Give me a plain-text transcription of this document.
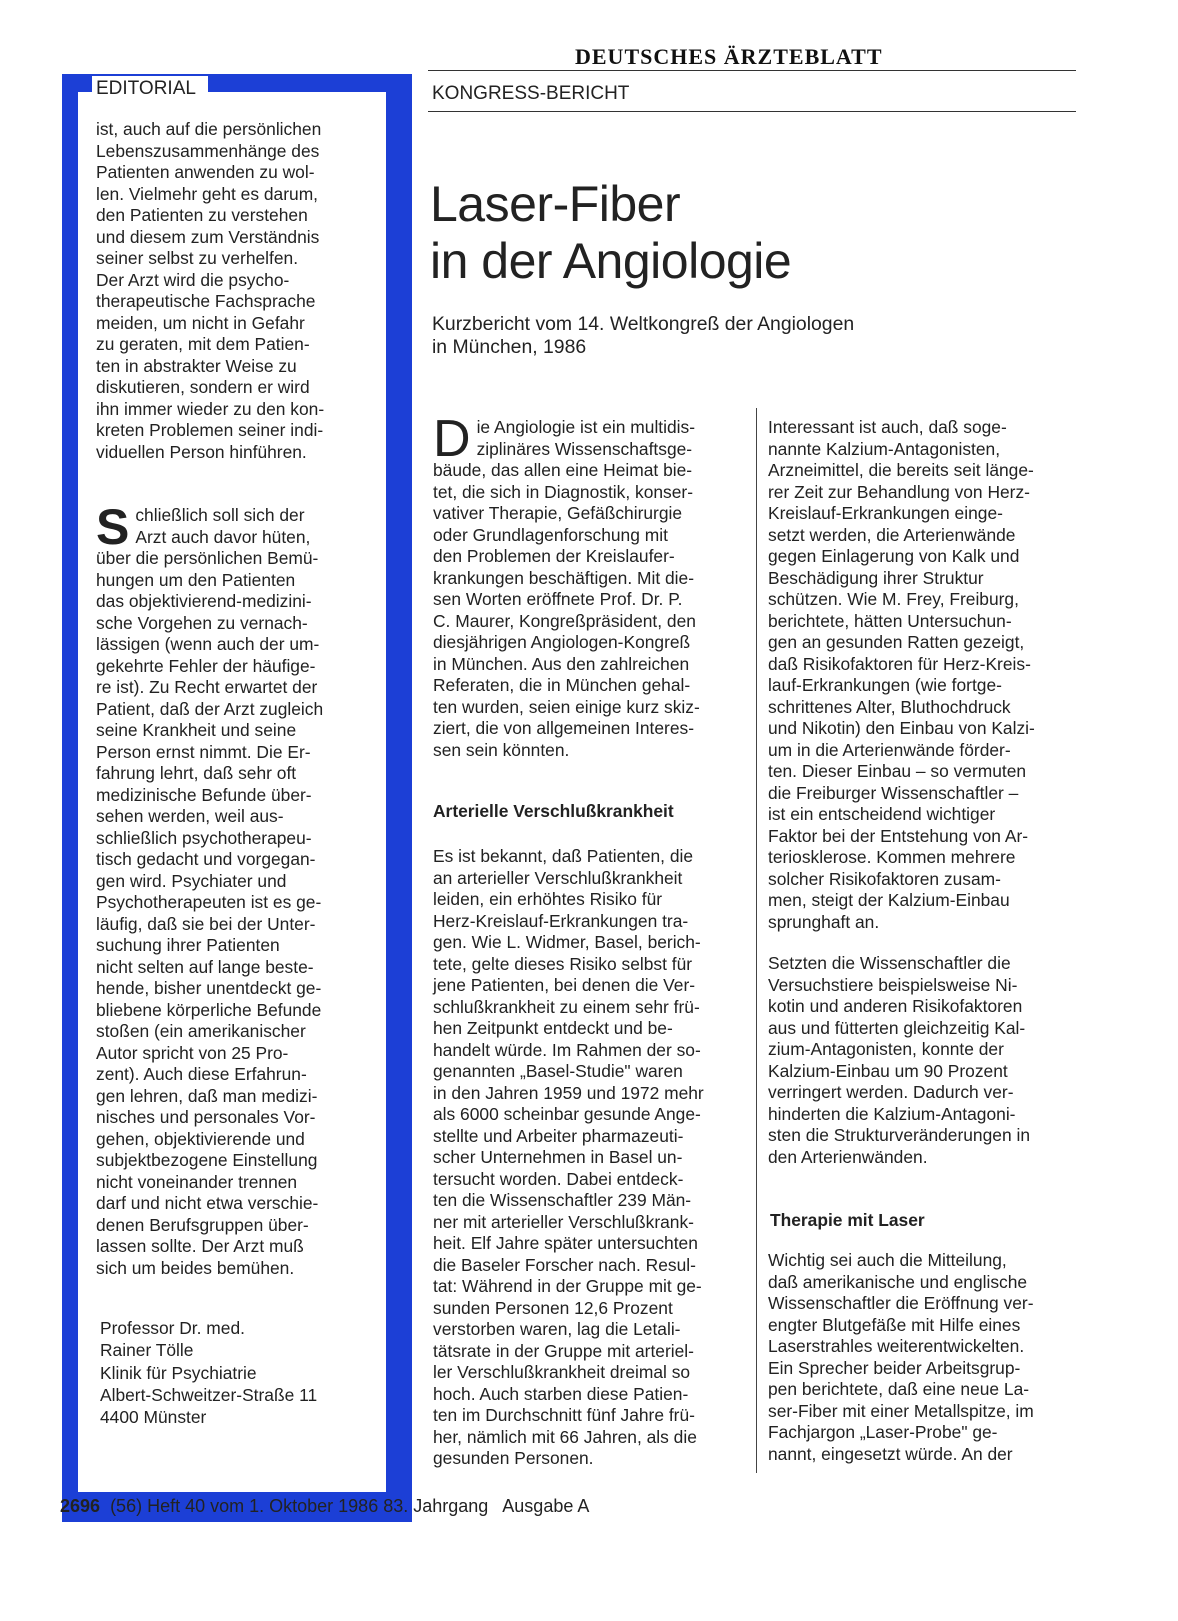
EDITORIAL

ist, auch auf die persönlichen

Lebenszusammenhänge des

Patienten anwenden zu wol-

len. Vielmehr geht es darum,

den Patienten zu verstehen

und diesem zum Verständnis

seiner selbst zu verhelfen.

Der Arzt wird die psycho-

therapeutische Fachsprache

meiden, um nicht in Gefahr

zu geraten, mit dem Patien-

ten in abstrakter Weise zu

diskutieren, sondern er wird

ihn immer wieder zu den kon-

kreten Problemen seiner indi-

viduellen Person hinführen.

S chließlich soll sich der

Arzt auch davor hüten,

über die persönlichen Bemü-

hungen um den Patienten

das objektivierend-medizini-

sche Vorgehen zu vernach-

lässigen (wenn auch der um-

gekehrte Fehler der häufige-

re ist). Zu Recht erwartet der

Patient, daß der Arzt zugleich

seine Krankheit und seine

Person ernst nimmt. Die Er-

fahrung lehrt, daß sehr oft

medizinische Befunde über-

sehen werden, weil aus-

schließlich psychotherapeu-

tisch gedacht und vorgegan-

gen wird. Psychiater und

Psychotherapeuten ist es ge-

läufig, daß sie bei der Unter-

suchung ihrer Patienten

nicht selten auf lange beste-

hende, bisher unentdeckt ge-

bliebene körperliche Befunde

stoßen (ein amerikanischer

Autor spricht von 25 Pro-

zent). Auch diese Erfahrun-

gen lehren, daß man medizi-

nisches und personales Vor-

gehen, objektivierende und

subjektbezogene Einstellung

nicht voneinander trennen

darf und nicht etwa verschie-

denen Berufsgruppen über-

lassen sollte. Der Arzt muß

sich um beides bemühen.

Professor Dr. med.
Rainer Tölle
Klinik für Psychiatrie
Albert-Schweitzer-Straße 11
4400 Münster
DEUTSCHES ÄRZTEBLATT
KONGRESS-BERICHT
Laser-Fiber
in der Angiologie
Kurzbericht vom 14. Weltkongreß der Angiologen
in München, 1986
D ie Angiologie ist ein multidis-

ziplinäres Wissenschaftsge-

bäude, das allen eine Heimat bie-

tet, die sich in Diagnostik, konser-

vativer Therapie, Gefäßchirurgie

oder Grundlagenforschung mit

den Problemen der Kreislaufer-

krankungen beschäftigen. Mit die-

sen Worten eröffnete Prof. Dr. P.

C. Maurer, Kongreßpräsident, den

diesjährigen Angiologen-Kongreß

in München. Aus den zahlreichen

Referaten, die in München gehal-

ten wurden, seien einige kurz skiz-

ziert, die von allgemeinen Interes-

sen sein könnten.

Arterielle Verschlußkrankheit

Es ist bekannt, daß Patienten, die

an arterieller Verschlußkrankheit

leiden, ein erhöhtes Risiko für

Herz-Kreislauf-Erkrankungen tra-

gen. Wie L. Widmer, Basel, berich-

tete, gelte dieses Risiko selbst für

jene Patienten, bei denen die Ver-

schlußkrankheit zu einem sehr frü-

hen Zeitpunkt entdeckt und be-

handelt würde. Im Rahmen der so-

genannten „Basel-Studie" waren

in den Jahren 1959 und 1972 mehr

als 6000 scheinbar gesunde Ange-

stellte und Arbeiter pharmazeuti-

scher Unternehmen in Basel un-

tersucht worden. Dabei entdeck-

ten die Wissenschaftler 239 Män-

ner mit arterieller Verschlußkrank-

heit. Elf Jahre später untersuchten

die Baseler Forscher nach. Resul-

tat: Während in der Gruppe mit ge-

sunden Personen 12,6 Prozent

verstorben waren, lag die Letali-

tätsrate in der Gruppe mit arteriel-

ler Verschlußkrankheit dreimal so

hoch. Auch starben diese Patien-

ten im Durchschnitt fünf Jahre frü-

her, nämlich mit 66 Jahren, als die

gesunden Personen.

Interessant ist auch, daß soge-

nannte Kalzium-Antagonisten,

Arzneimittel, die bereits seit länge-

rer Zeit zur Behandlung von Herz-

Kreislauf-Erkrankungen einge-

setzt werden, die Arterienwände

gegen Einlagerung von Kalk und

Beschädigung ihrer Struktur

schützen. Wie M. Frey, Freiburg,

berichtete, hätten Untersuchun-

gen an gesunden Ratten gezeigt,

daß Risikofaktoren für Herz-Kreis-

lauf-Erkrankungen (wie fortge-

schrittenes Alter, Bluthochdruck

und Nikotin) den Einbau von Kalzi-

um in die Arterienwände förder-

ten. Dieser Einbau – so vermuten

die Freiburger Wissenschaftler –

ist ein entscheidend wichtiger

Faktor bei der Entstehung von Ar-

teriosklerose. Kommen mehrere

solcher Risikofaktoren zusam-

men, steigt der Kalzium-Einbau

sprunghaft an.

Setzten die Wissenschaftler die

Versuchstiere beispielsweise Ni-

kotin und anderen Risikofaktoren

aus und fütterten gleichzeitig Kal-

zium-Antagonisten, konnte der

Kalzium-Einbau um 90 Prozent

verringert werden. Dadurch ver-

hinderten die Kalzium-Antagoni-

sten die Strukturveränderungen in

den Arterienwänden.

Therapie mit Laser

Wichtig sei auch die Mitteilung,

daß amerikanische und englische

Wissenschaftler die Eröffnung ver-

engter Blutgefäße mit Hilfe eines

Laserstrahles weiterentwickelten.

Ein Sprecher beider Arbeitsgrup-

pen berichtete, daß eine neue La-

ser-Fiber mit einer Metallspitze, im

Fachjargon „Laser-Probe" ge-

nannt, eingesetzt würde. An der

2696 (56) Heft 40 vom 1. Oktober 1986 83. Jahrgang   Ausgabe A
